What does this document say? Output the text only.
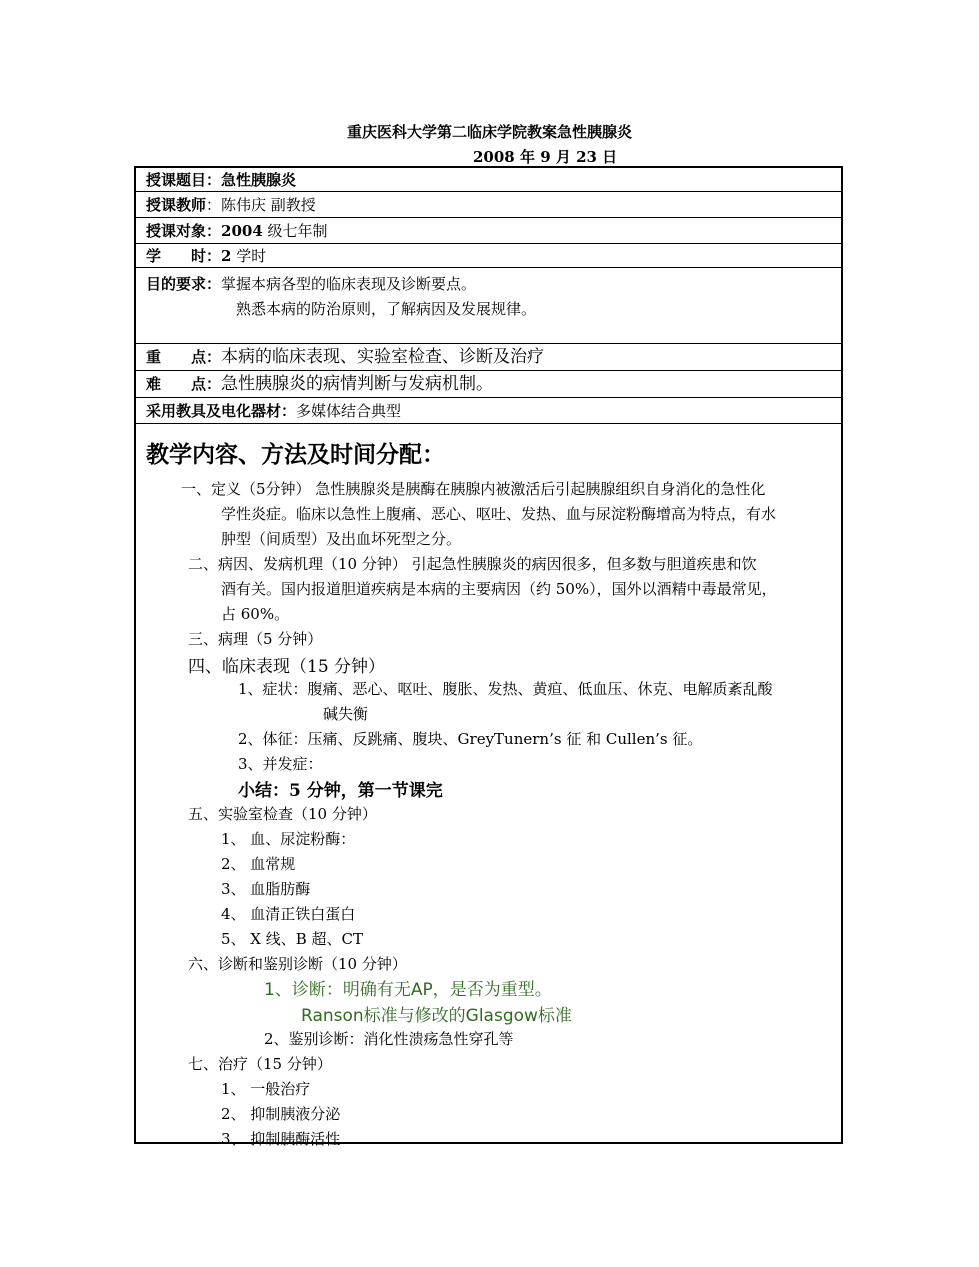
重庆医科大学第二临床学院教案急性胰腺炎
2008 年 9 月 23 日
授课题目：急性胰腺炎
授课教师：陈伟庆 副教授
授课对象：2004 级七年制
学　　时：2 学时
目的要求：掌握本病各型的临床表现及诊断要点。
熟悉本病的防治原则，了解病因及发展规律。
重　　点：本病的临床表现、实验室检查、诊断及治疗
难　　点：急性胰腺炎的病情判断与发病机制。
采用教具及电化器材：多媒体结合典型
教学内容、方法及时间分配：
一、定义（5分钟） 急性胰腺炎是胰酶在胰腺内被激活后引起胰腺组织自身消化的急性化
学性炎症。临床以急性上腹痛、恶心、呕吐、发热、血与尿淀粉酶增高为特点，有水
肿型（间质型）及出血坏死型之分。
二、病因、发病机理（10 分钟） 引起急性胰腺炎的病因很多，但多数与胆道疾患和饮
酒有关。国内报道胆道疾病是本病的主要病因（约 50%），国外以酒精中毒最常见，
占 60%。
三、病理（5 分钟）
四、临床表现（15 分钟）
1、症状：腹痛、恶心、呕吐、腹胀、发热、黄疸、低血压、休克、电解质紊乱酸
碱失衡
2、体征：压痛、反跳痛、腹块、GreyTunern’s 征 和 Cullen’s 征。
3、并发症：
小结：5 分钟，第一节课完
五、实验室检查（10 分钟）
1、 血、尿淀粉酶：
2、 血常规
3、 血脂肪酶
4、 血清正铁白蛋白
5、 X 线、B 超、CT
六、诊断和鉴别诊断（10 分钟）
1、诊断：明确有无AP，是否为重型。
Ranson标准与修改的Glasgow标准
2、鉴别诊断：消化性溃疡急性穿孔等
七、治疗（15 分钟）
1、 一般治疗
2、 抑制胰液分泌
3、 抑制胰酶活性
